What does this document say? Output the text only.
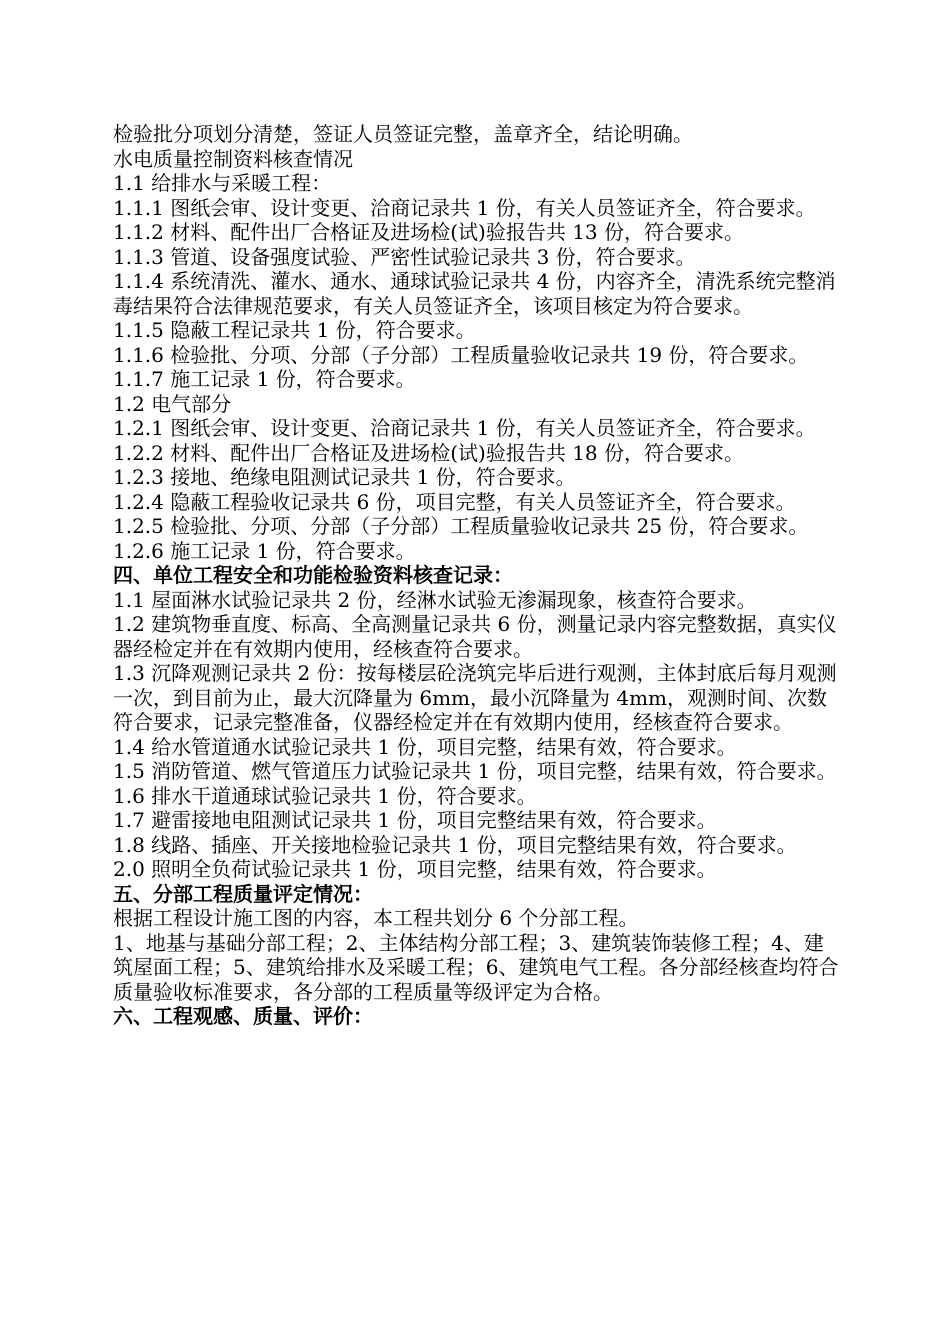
检验批分项划分清楚，签证人员签证完整，盖章齐全，结论明确。

水电质量控制资料核查情况

1.1 给排水与采暖工程：

1.1.1 图纸会审、设计变更、洽商记录共 1 份，有关人员签证齐全，符合要求。

1.1.2 材料、配件出厂合格证及进场检(试)验报告共 13 份，符合要求。

1.1.3 管道、设备强度试验、严密性试验记录共 3 份，符合要求。

1.1.4 系统清洗、灌水、通水、通球试验记录共 4 份，内容齐全，清洗系统完整消毒结果符合法律规范要求，有关人员签证齐全，该项目核定为符合要求。

1.1.5 隐蔽工程记录共 1 份，符合要求。

1.1.6 检验批、分项、分部（子分部）工程质量验收记录共 19 份，符合要求。

1.1.7 施工记录 1 份，符合要求。

1.2 电气部分

1.2.1 图纸会审、设计变更、洽商记录共 1 份，有关人员签证齐全，符合要求。

1.2.2 材料、配件出厂合格证及进场检(试)验报告共 18 份，符合要求。

1.2.3 接地、绝缘电阻测试记录共 1 份，符合要求。

1.2.4 隐蔽工程验收记录共 6 份，项目完整，有关人员签证齐全，符合要求。

1.2.5 检验批、分项、分部（子分部）工程质量验收记录共 25 份，符合要求。

1.2.6 施工记录 1 份，符合要求。

四、单位工程安全和功能检验资料核查记录：

1.1 屋面淋水试验记录共 2 份，经淋水试验无渗漏现象，核查符合要求。

1.2 建筑物垂直度、标高、全高测量记录共 6 份，测量记录内容完整数据，真实仪器经检定并在有效期内使用，经核查符合要求。

1.3 沉降观测记录共 2 份：按每楼层砼浇筑完毕后进行观测，主体封底后每月观测一次，到目前为止，最大沉降量为 6mm，最小沉降量为 4mm，观测时间、次数符合要求，记录完整准备，仪器经检定并在有效期内使用，经核查符合要求。

1.4 给水管道通水试验记录共 1 份，项目完整，结果有效，符合要求。

1.5 消防管道、燃气管道压力试验记录共 1 份，项目完整，结果有效，符合要求。

1.6 排水干道通球试验记录共 1 份，符合要求。

1.7 避雷接地电阻测试记录共 1 份，项目完整结果有效，符合要求。

1.8 线路、插座、开关接地检验记录共 1 份，项目完整结果有效，符合要求。

2.0 照明全负荷试验记录共 1 份，项目完整，结果有效，符合要求。

五、分部工程质量评定情况：

根据工程设计施工图的内容，本工程共划分 6 个分部工程。

1、地基与基础分部工程；2、主体结构分部工程；3、建筑装饰装修工程；4、建筑屋面工程；5、建筑给排水及采暖工程；6、建筑电气工程。各分部经核查均符合质量验收标准要求，各分部的工程质量等级评定为合格。

六、工程观感、质量、评价：
